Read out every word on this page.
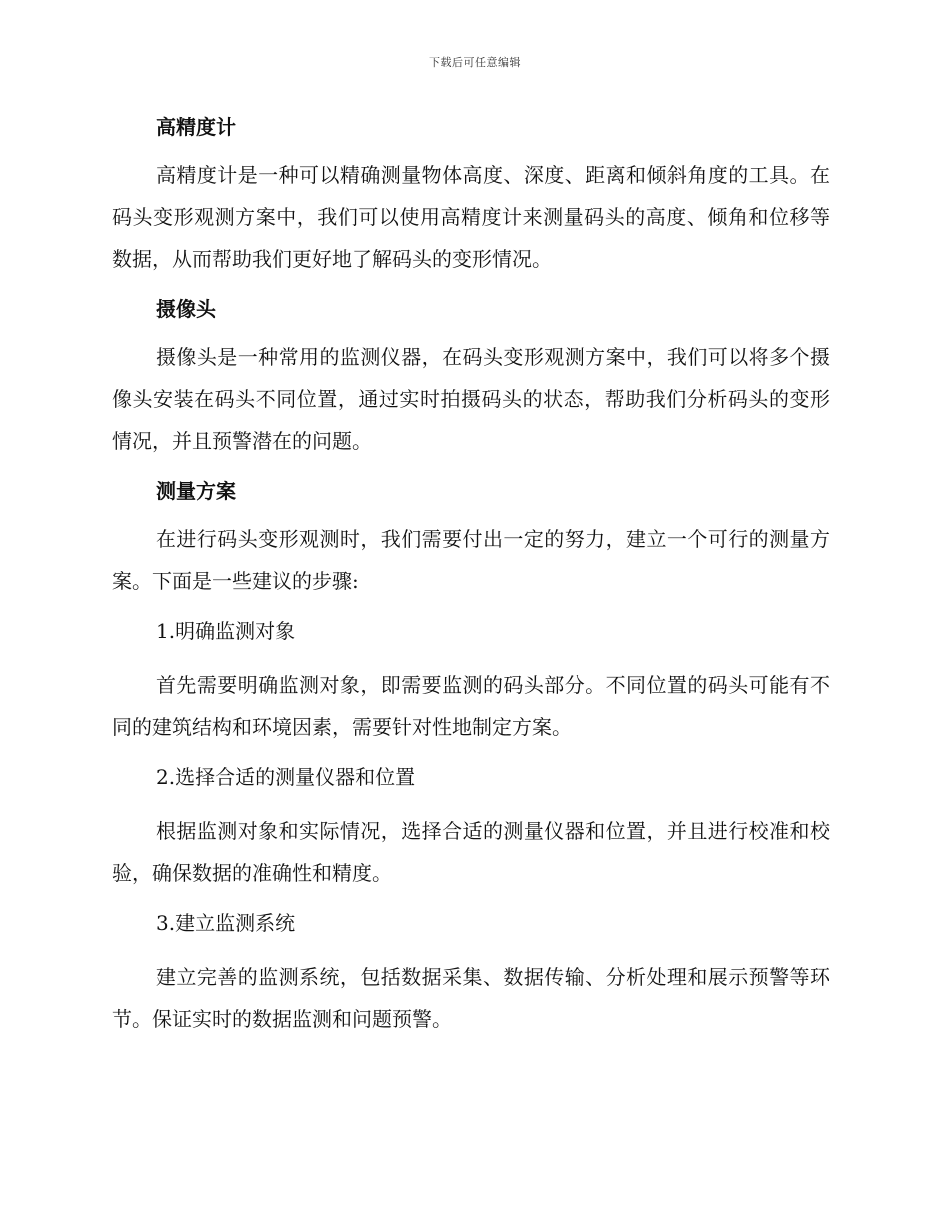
下载后可任意编辑
高精度计

高精度计是一种可以精确测量物体高度、深度、距离和倾斜角度的工具。在码头变形观测方案中，我们可以使用高精度计来测量码头的高度、倾角和位移等数据，从而帮助我们更好地了解码头的变形情况。

摄像头

摄像头是一种常用的监测仪器，在码头变形观测方案中，我们可以将多个摄像头安装在码头不同位置，通过实时拍摄码头的状态，帮助我们分析码头的变形情况，并且预警潜在的问题。

测量方案

在进行码头变形观测时，我们需要付出一定的努力，建立一个可行的测量方案。下面是一些建议的步骤:

1.明确监测对象

首先需要明确监测对象，即需要监测的码头部分。不同位置的码头可能有不同的建筑结构和环境因素，需要针对性地制定方案。

2.选择合适的测量仪器和位置

根据监测对象和实际情况，选择合适的测量仪器和位置，并且进行校准和校验，确保数据的准确性和精度。

3.建立监测系统

建立完善的监测系统，包括数据采集、数据传输、分析处理和展示预警等环节。保证实时的数据监测和问题预警。
